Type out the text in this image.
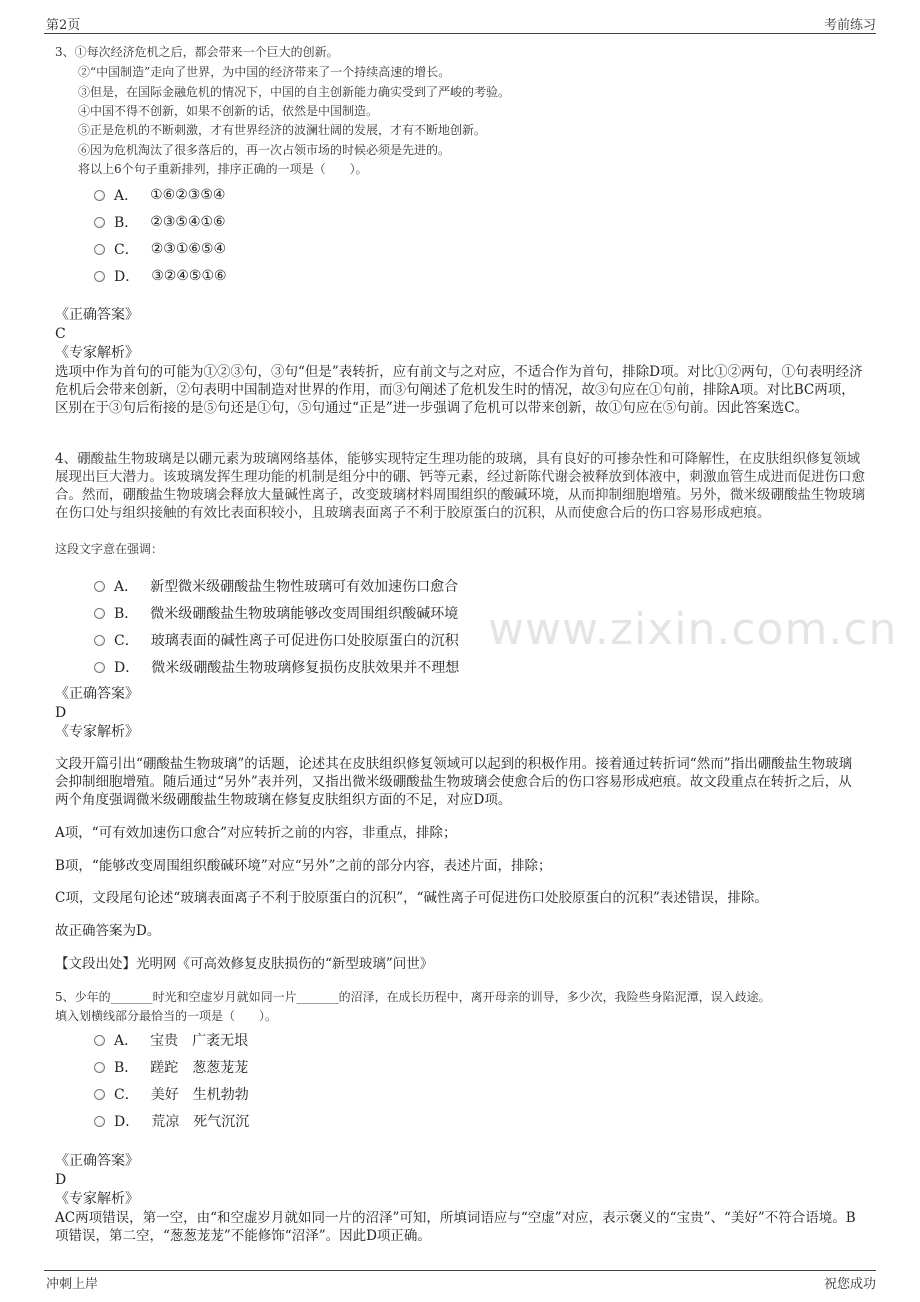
第2页	考前练习
www.zixin.com.cn
3、①每次经济危机之后，都会带来一个巨大的创新。
②“中国制造”走向了世界，为中国的经济带来了一个持续高速的增长。
③但是，在国际金融危机的情况下，中国的自主创新能力确实受到了严峻的考验。
④中国不得不创新，如果不创新的话，依然是中国制造。
⑤正是危机的不断刺激，才有世界经济的波澜壮阔的发展，才有不断地创新。
⑥因为危机淘汰了很多落后的，再一次占领市场的时候必须是先进的。
将以上6个句子重新排列，排序正确的一项是（　　）。
A． ①⑥②③⑤④
B． ②③⑤④①⑥
C． ②③①⑥⑤④
D． ③②④⑤①⑥
《正确答案》
C
《专家解析》
选项中作为首句的可能为①②③句，③句“但是”表转折，应有前文与之对应，不适合作为首句，排除D项。对比①②两句，①句表明经济危机后会带来创新，②句表明中国制造对世界的作用，而③句阐述了危机发生时的情况，故③句应在①句前，排除A项。对比BC两项，区别在于③句后衔接的是⑤句还是①句，⑤句通过“正是”进一步强调了危机可以带来创新，故①句应在⑤句前。因此答案选C。
4、硼酸盐生物玻璃是以硼元素为玻璃网络基体，能够实现特定生理功能的玻璃，具有良好的可掺杂性和可降解性，在皮肤组织修复领域展现出巨大潜力。该玻璃发挥生理功能的机制是组分中的硼、钙等元素，经过新陈代谢会被释放到体液中，刺激血管生成进而促进伤口愈合。然而，硼酸盐生物玻璃会释放大量碱性离子，改变玻璃材料周围组织的酸碱环境，从而抑制细胞增殖。另外，微米级硼酸盐生物玻璃在伤口处与组织接触的有效比表面积较小，且玻璃表面离子不利于胶原蛋白的沉积，从而使愈合后的伤口容易形成疤痕。
这段文字意在强调：
A． 新型微米级硼酸盐生物性玻璃可有效加速伤口愈合
B． 微米级硼酸盐生物玻璃能够改变周围组织酸碱环境
C． 玻璃表面的碱性离子可促进伤口处胶原蛋白的沉积
D． 微米级硼酸盐生物玻璃修复损伤皮肤效果并不理想
《正确答案》
D
《专家解析》
文段开篇引出“硼酸盐生物玻璃”的话题，论述其在皮肤组织修复领域可以起到的积极作用。接着通过转折词“然而”指出硼酸盐生物玻璃会抑制细胞增殖。随后通过“另外”表并列，又指出微米级硼酸盐生物玻璃会使愈合后的伤口容易形成疤痕。故文段重点在转折之后，从两个角度强调微米级硼酸盐生物玻璃在修复皮肤组织方面的不足，对应D项。
A项，“可有效加速伤口愈合”对应转折之前的内容，非重点，排除；
B项，“能够改变周围组织酸碱环境”对应“另外”之前的部分内容，表述片面，排除；
C项，文段尾句论述“玻璃表面离子不利于胶原蛋白的沉积”，“碱性离子可促进伤口处胶原蛋白的沉积”表述错误，排除。
故正确答案为D。
【文段出处】光明网《可高效修复皮肤损伤的“新型玻璃”问世》
5、少年的_______时光和空虚岁月就如同一片_______的沼泽，在成长历程中，离开母亲的训导，多少次，我险些身陷泥潭，误入歧途。
填入划横线部分最恰当的一项是（　　）。
A． 宝贵　广袤无垠
B． 蹉跎　葱葱茏茏
C． 美好　生机勃勃
D． 荒凉　死气沉沉
《正确答案》
D
《专家解析》
AC两项错误，第一空，由“和空虚岁月就如同一片的沼泽”可知，所填词语应与“空虚”对应，表示褒义的“宝贵”、“美好”不符合语境。B项错误，第二空，“葱葱茏茏”不能修饰“沼泽”。因此D项正确。
冲刺上岸	祝您成功
